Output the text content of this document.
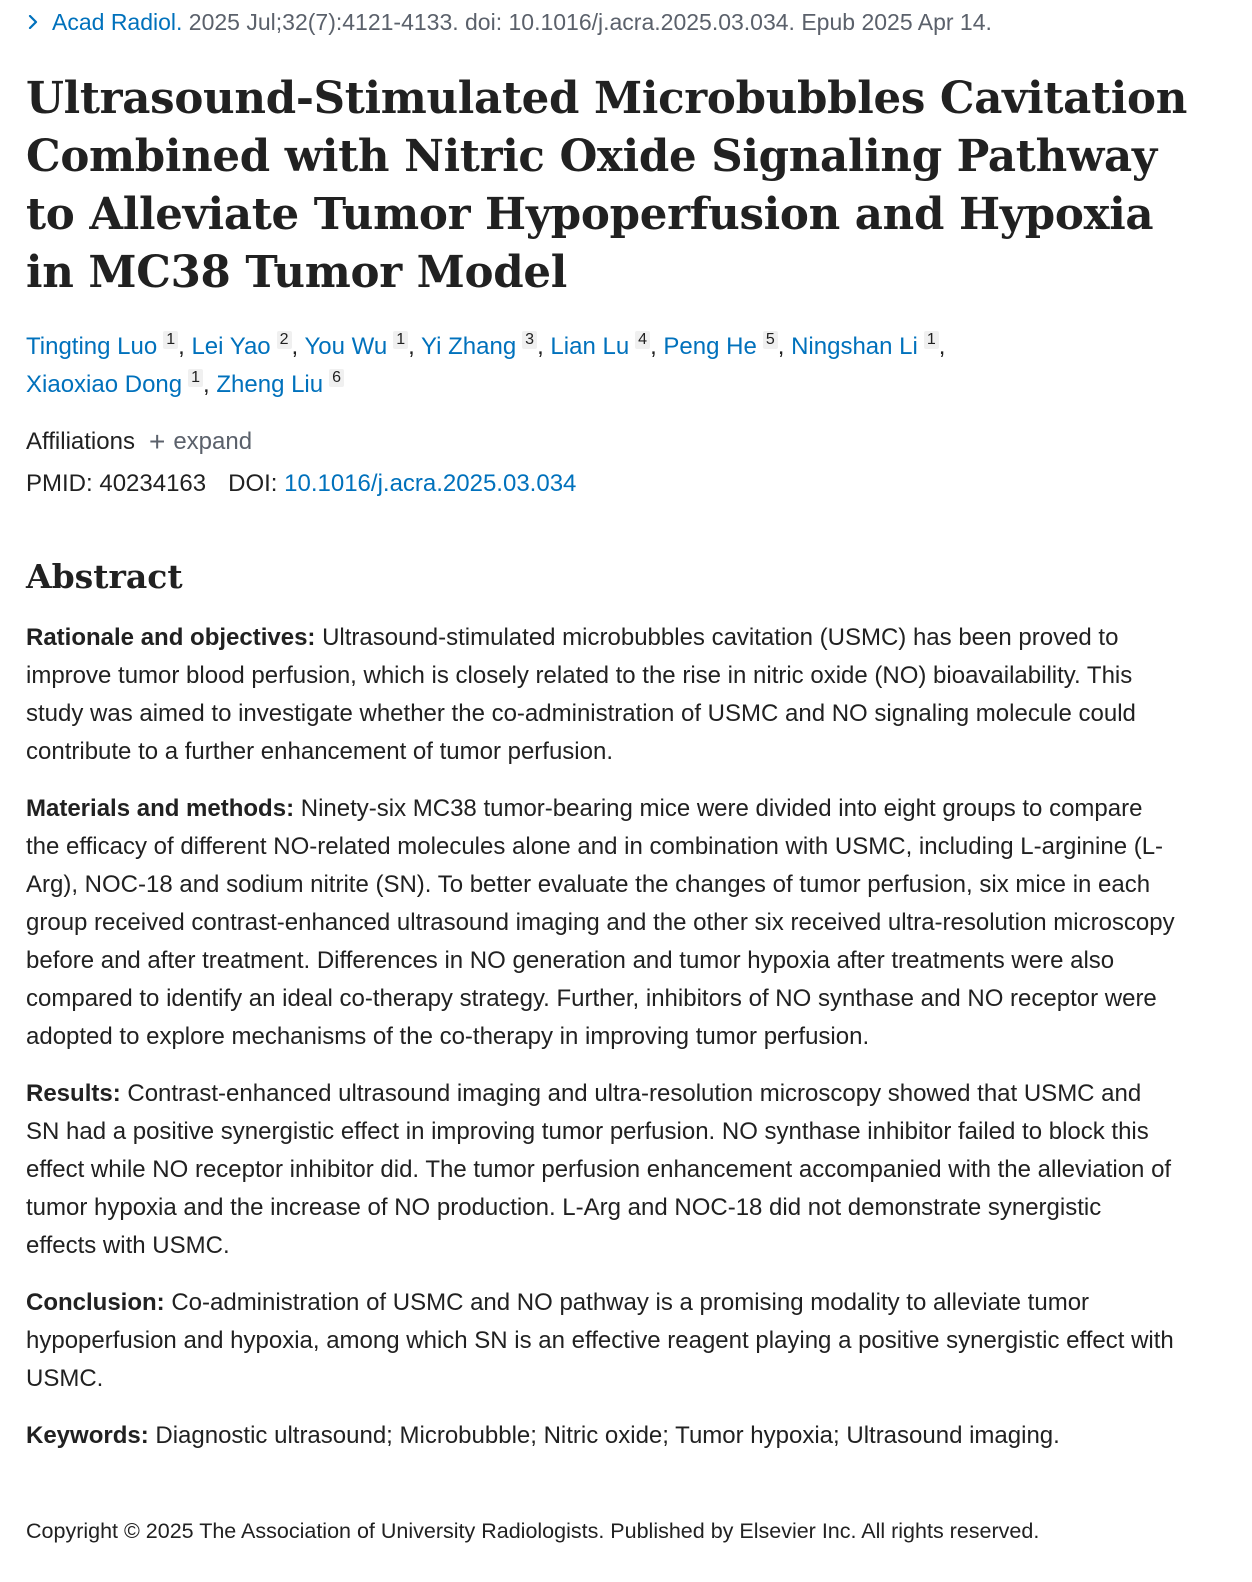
Acad Radiol. 2025 Jul;32(7):4121-4133. doi: 10.1016/j.acra.2025.03.034. Epub 2025 Apr 14.
Ultrasound-Stimulated Microbubbles Cavitation Combined with Nitric Oxide Signaling Pathway to Alleviate Tumor Hypoperfusion and Hypoxia in MC38 Tumor Model
Tingting Luo $^1$ , Lei Yao $^2$ , You Wu $^1$ , Yi Zhang $^3$ , Lian Lu $^4$ , Peng He $^5$ , Ningshan Li $^1$ ,
Xiaoxiao Dong $^1$ , Zheng Liu $^6$
Affiliations + expand
PMID: 40234163 DOI: 10.1016/j.acra.2025.03.034
Abstract

Rationale and objectives: Ultrasound-stimulated microbubbles cavitation (USMC) has been proved to improve tumor blood perfusion, which is closely related to the rise in nitric oxide (NO) bioavailability. This study was aimed to investigate whether the co-administration of USMC and NO signaling molecule could contribute to a further enhancement of tumor perfusion.

Materials and methods: Ninety-six MC38 tumor-bearing mice were divided into eight groups to compare the efficacy of different NO-related molecules alone and in combination with USMC, including L-arginine (L-Arg), NOC-18 and sodium nitrite (SN). To better evaluate the changes of tumor perfusion, six mice in each group received contrast-enhanced ultrasound imaging and the other six received ultra-resolution microscopy before and after treatment. Differences in NO generation and tumor hypoxia after treatments were also compared to identify an ideal co-therapy strategy. Further, inhibitors of NO synthase and NO receptor were adopted to explore mechanisms of the co-therapy in improving tumor perfusion.

Results: Contrast-enhanced ultrasound imaging and ultra-resolution microscopy showed that USMC and SN had a positive synergistic effect in improving tumor perfusion. NO synthase inhibitor failed to block this effect while NO receptor inhibitor did. The tumor perfusion enhancement accompanied with the alleviation of tumor hypoxia and the increase of NO production. L-Arg and NOC-18 did not demonstrate synergistic effects with USMC.

Conclusion: Co-administration of USMC and NO pathway is a promising modality to alleviate tumor hypoperfusion and hypoxia, among which SN is an effective reagent playing a positive synergistic effect with USMC.

Keywords: Diagnostic ultrasound; Microbubble; Nitric oxide; Tumor hypoxia; Ultrasound imaging.

Copyright © 2025 The Association of University Radiologists. Published by Elsevier Inc. All rights reserved.
